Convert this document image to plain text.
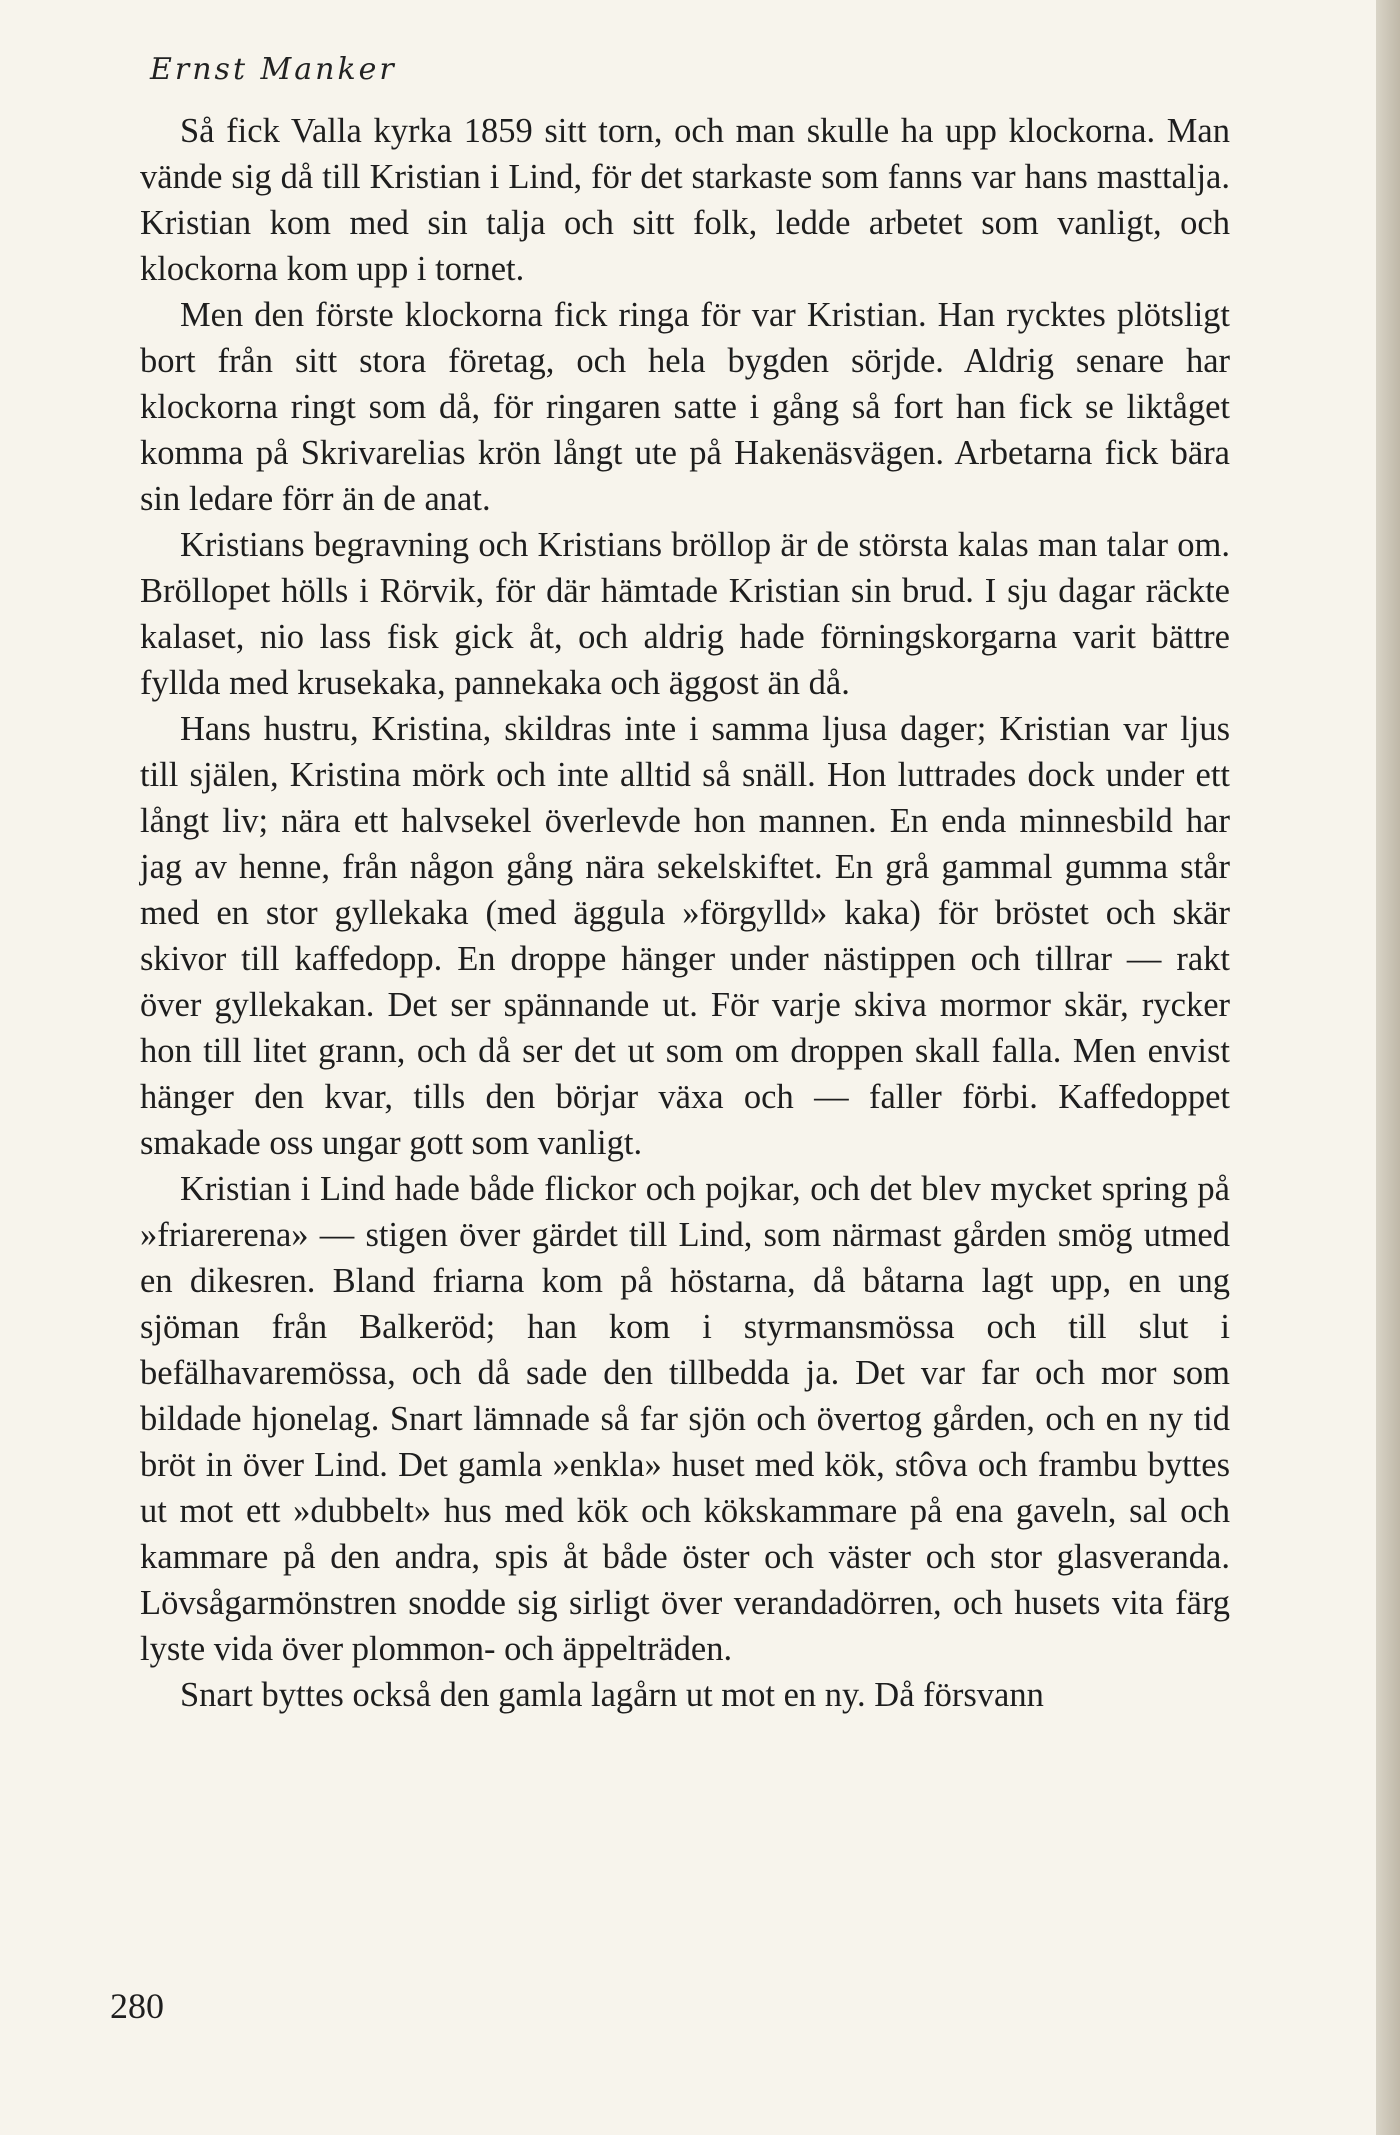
Ernst Manker

Så fick Valla kyrka 1859 sitt torn, och man skulle ha upp klockorna. Man vände sig då till Kristian i Lind, för det starkaste som fanns var hans masttalja. Kristian kom med sin talja och sitt folk, ledde arbetet som vanligt, och klockorna kom upp i tornet.

Men den förste klockorna fick ringa för var Kristian. Han rycktes plötsligt bort från sitt stora företag, och hela bygden sörjde. Aldrig senare har klockorna ringt som då, för ringaren satte i gång så fort han fick se liktåget komma på Skrivarelias krön långt ute på Hakenäsvägen. Arbetarna fick bära sin ledare förr än de anat.

Kristians begravning och Kristians bröllop är de största kalas man talar om. Bröllopet hölls i Rörvik, för där hämtade Kristian sin brud. I sju dagar räckte kalaset, nio lass fisk gick åt, och aldrig hade förningskorgarna varit bättre fyllda med krusekaka, pannekaka och äggost än då.

Hans hustru, Kristina, skildras inte i samma ljusa dager; Kristian var ljus till själen, Kristina mörk och inte alltid så snäll. Hon luttrades dock under ett långt liv; nära ett halvsekel överlevde hon mannen. En enda minnesbild har jag av henne, från någon gång nära sekelskiftet. En grå gammal gumma står med en stor gyllekaka (med äggula »förgylld» kaka) för bröstet och skär skivor till kaffedopp. En droppe hänger under nästippen och tillrar — rakt över gyllekakan. Det ser spännande ut. För varje skiva mormor skär, rycker hon till litet grann, och då ser det ut som om droppen skall falla. Men envist hänger den kvar, tills den börjar växa och — faller förbi. Kaffedoppet smakade oss ungar gott som vanligt.

Kristian i Lind hade både flickor och pojkar, och det blev mycket spring på »friarerena» — stigen över gärdet till Lind, som närmast gården smög utmed en dikesren. Bland friarna kom på höstarna, då båtarna lagt upp, en ung sjöman från Balkeröd; han kom i styrmansmössa och till slut i befälhavaremössa, och då sade den tillbedda ja. Det var far och mor som bildade hjonelag. Snart lämnade så far sjön och övertog gården, och en ny tid bröt in över Lind. Det gamla »enkla» huset med kök, stôva och frambu byttes ut mot ett »dubbelt» hus med kök och kökskammare på ena gaveln, sal och kammare på den andra, spis åt både öster och väster och stor glasveranda. Lövsågarmönstren snodde sig sirligt över verandadörren, och husets vita färg lyste vida över plommon- och äppelträden.

Snart byttes också den gamla lagårn ut mot en ny. Då försvann

280
